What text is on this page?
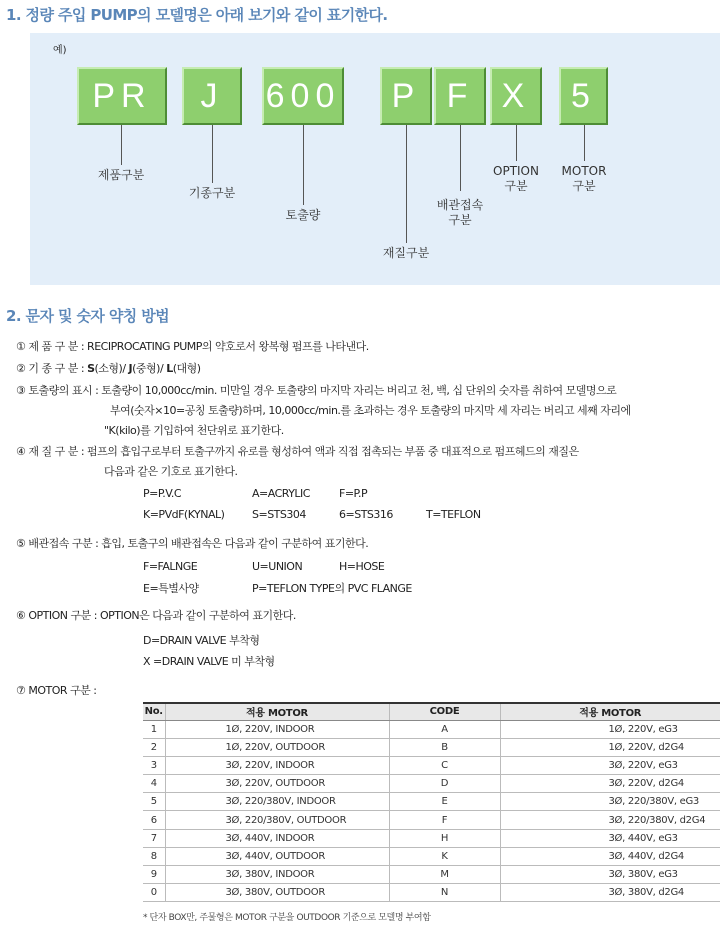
1. 정량 주입 PUMP의 모델명은 아래 보기와 같이 표기한다.
예)
PR	J	600	P F X	5
제품구분
기종구분
토출량
재질구분
배관접속
구분
OPTION
구분
MOTOR
구분
2. 문자 및 숫자 약칭 방법
① 제 품 구 분 : RECIPROCATING PUMP의 약호로서 왕복형 펌프를 나타낸다.
② 기 종 구 분 : S(소형)/ J(중형)/ L(대형)
③ 토출량의 표시 : 토출량이 10,000cc/min. 미만일 경우 토출량의 마지막 자리는 버리고 천, 백, 십 단위의 숫자를 취하여 모델명으로
부여(숫자×10=공칭 토출량)하며, 10,000cc/min.를 초과하는 경우 토출량의 마지막 세 자리는 버리고 세째 자리에
"K(kilo)를 기입하여 천단위로 표기한다.
④ 재 질 구 분 : 펌프의 흡입구로부터 토출구까지 유로를 형성하여 액과 직접 접촉되는 부품 중 대표적으로 펌프헤드의 재질은
다음과 같은 기호로 표기한다.
P=P.V.C	A=ACRYLIC	F=P.P
K=PVdF(KYNAL)	S=STS304	6=STS316	T=TEFLON
⑤ 배관접속 구분 : 흡입, 토출구의 배관접속은 다음과 같이 구분하여 표기한다.
F=FALNGE	U=UNION	H=HOSE
E=특별사양	P=TEFLON TYPE의 PVC FLANGE
⑥ OPTION 구분 : OPTION은 다음과 같이 구분하여 표기한다.
D=DRAIN VALVE 부착형
X =DRAIN VALVE 미 부착형
⑦ MOTOR 구분 :
No.	적용 MOTOR	CODE	적용 MOTOR
1	1Ø, 220V, INDOOR	A	1Ø, 220V, eG3
2	1Ø, 220V, OUTDOOR	B	1Ø, 220V, d2G4
3	3Ø, 220V, INDOOR	C	3Ø, 220V, eG3
4	3Ø, 220V, OUTDOOR	D	3Ø, 220V, d2G4
5	3Ø, 220/380V, INDOOR	E	3Ø, 220/380V, eG3
6	3Ø, 220/380V, OUTDOOR	F	3Ø, 220/380V, d2G4
7	3Ø, 440V, INDOOR	H	3Ø, 440V, eG3
8	3Ø, 440V, OUTDOOR	K	3Ø, 440V, d2G4
9	3Ø, 380V, INDOOR	M	3Ø, 380V, eG3
0	3Ø, 380V, OUTDOOR	N	3Ø, 380V, d2G4
* 단자 BOX만, 주물형은 MOTOR 구분을 OUTDOOR 기준으로 모델명 부여함
